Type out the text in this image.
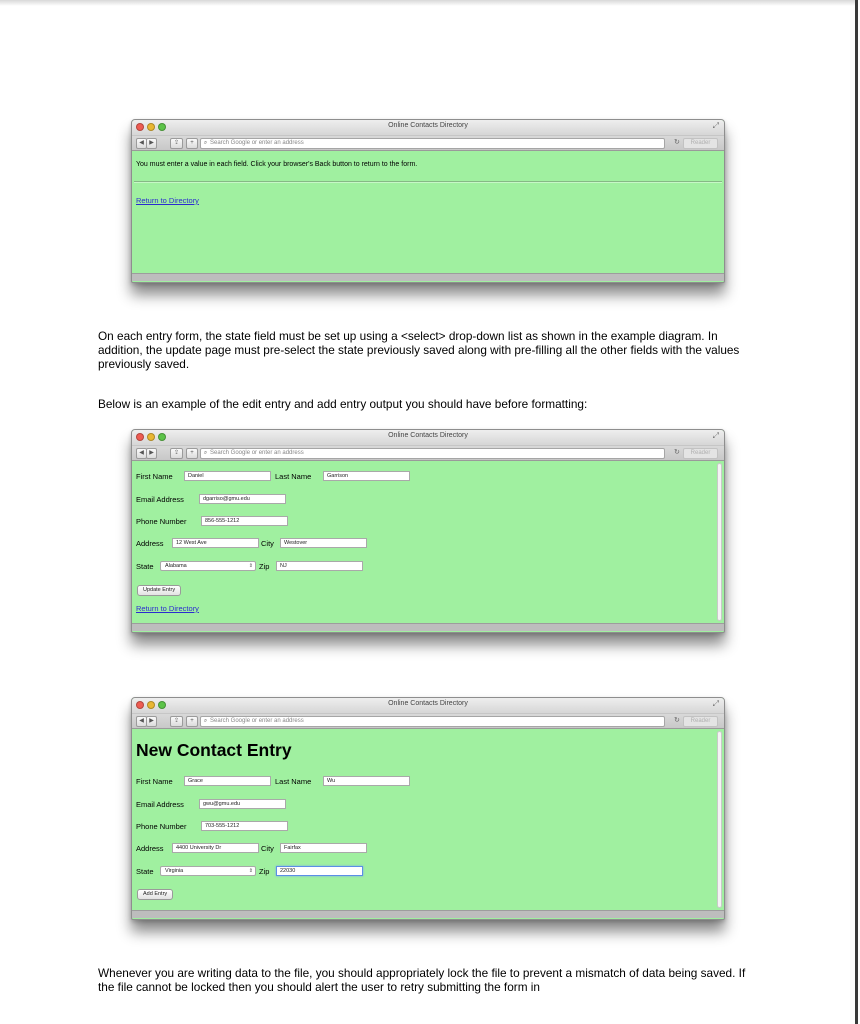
Online Contacts Directory	⤢
◀ ▶	⇪	+	⌕ Search Google or enter an address	↻	Reader
You must enter a value in each field. Click your browser's Back button to return to the form.
Return to Directory
On each entry form, the state field must be set up using a <select> drop-down list as shown in the example diagram. In addition, the update page must pre-select the state previously saved along with pre-filling all the other fields with the values previously saved.
Below is an example of the edit entry and add entry output you should have before formatting:
Online Contacts Directory	⤢
◀ ▶	⇪	+	⌕ Search Google or enter an address	↻	Reader
First Name	Daniel	Last Name	Garrison
Email Address	dgarriso@gmu.edu
Phone Number	856-555-1212
Address	12 West Ave	City	Westover
State	Alabama	⇕ Zip	NJ
Update Entry
Return to Directory
Online Contacts Directory	⤢
◀ ▶	⇪	+	⌕ Search Google or enter an address	↻	Reader
New Contact Entry
First Name	Grace	Last Name	Wu
Email Address	gwu@gmu.edu
Phone Number	703-555-1212
Address	4400 University Dr	City	Fairfax
State	Virginia	⇕ Zip	22030
Add Entry
Whenever you are writing data to the file, you should appropriately lock the file to prevent a mismatch of data being saved. If the file cannot be locked then you should alert the user to retry submitting the form in
